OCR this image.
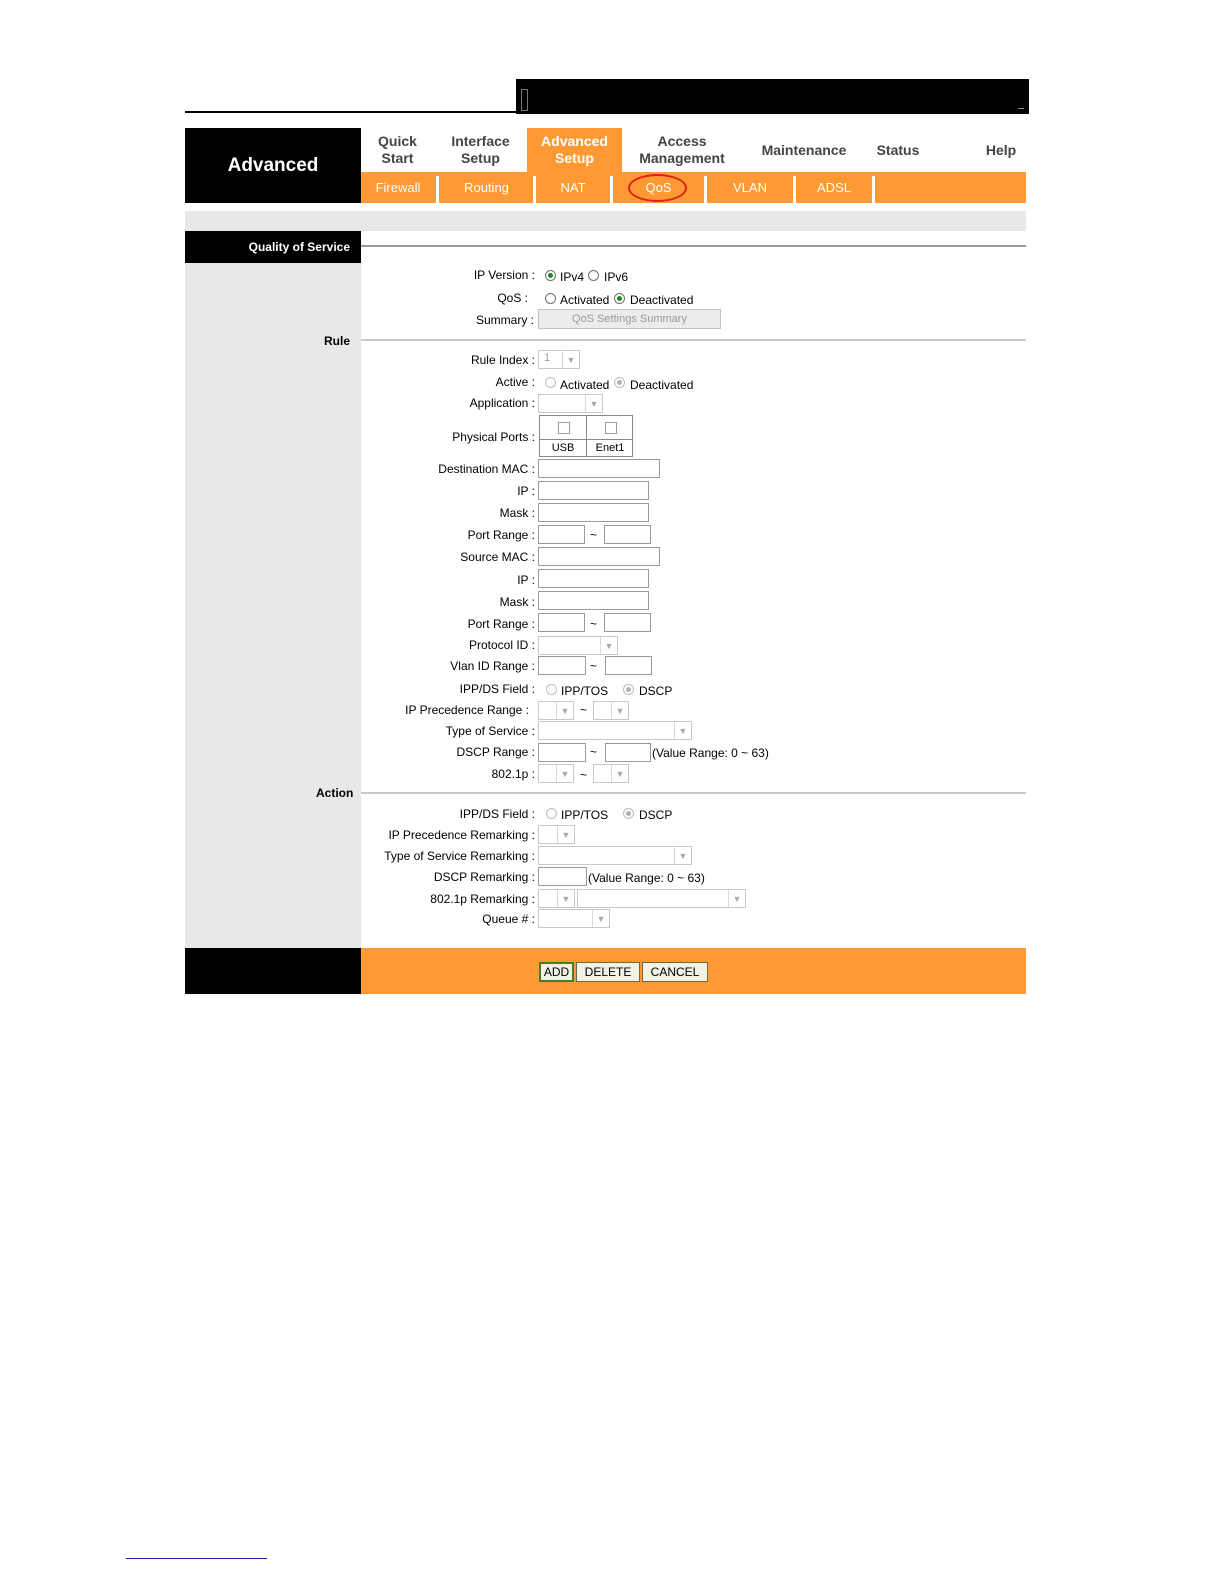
Advanced
Quick
Start
Interface
Setup
Advanced
Setup
Access
Management
Maintenance Status	Help
Firewall	Routing	NAT	QoS	VLAN	ADSL
Quality of Service
IP Version : IPv4 IPv6
QoS :	Activated Deactivated
Summary :	QoS Settings Summary
Rule
Rule Index : 1	▼
Active : Activated Deactivated
Application :	▼
Physical Ports :
USB	Enet1
Destination MAC :
IP :
Mask :
Port Range :	~
Source MAC :
IP :
Mask :
Port Range :	~
Protocol ID :	▼
Vlan ID Range :	~
IPP/DS Field : IPP/TOS	DSCP
IP Precedence Range :	▼ ~	▼
Type of Service :	▼
DSCP Range :	~	(Value Range: 0 ~ 63)
802.1p :	▼ ~	▼
Action
IPP/DS Field : IPP/TOS	DSCP
IP Precedence Remarking :	▼
Type of Service Remarking :	▼
DSCP Remarking :	(Value Range: 0 ~ 63)
802.1p Remarking :	▼	▼
Queue # :	▼
ADD	DELETE	CANCEL
